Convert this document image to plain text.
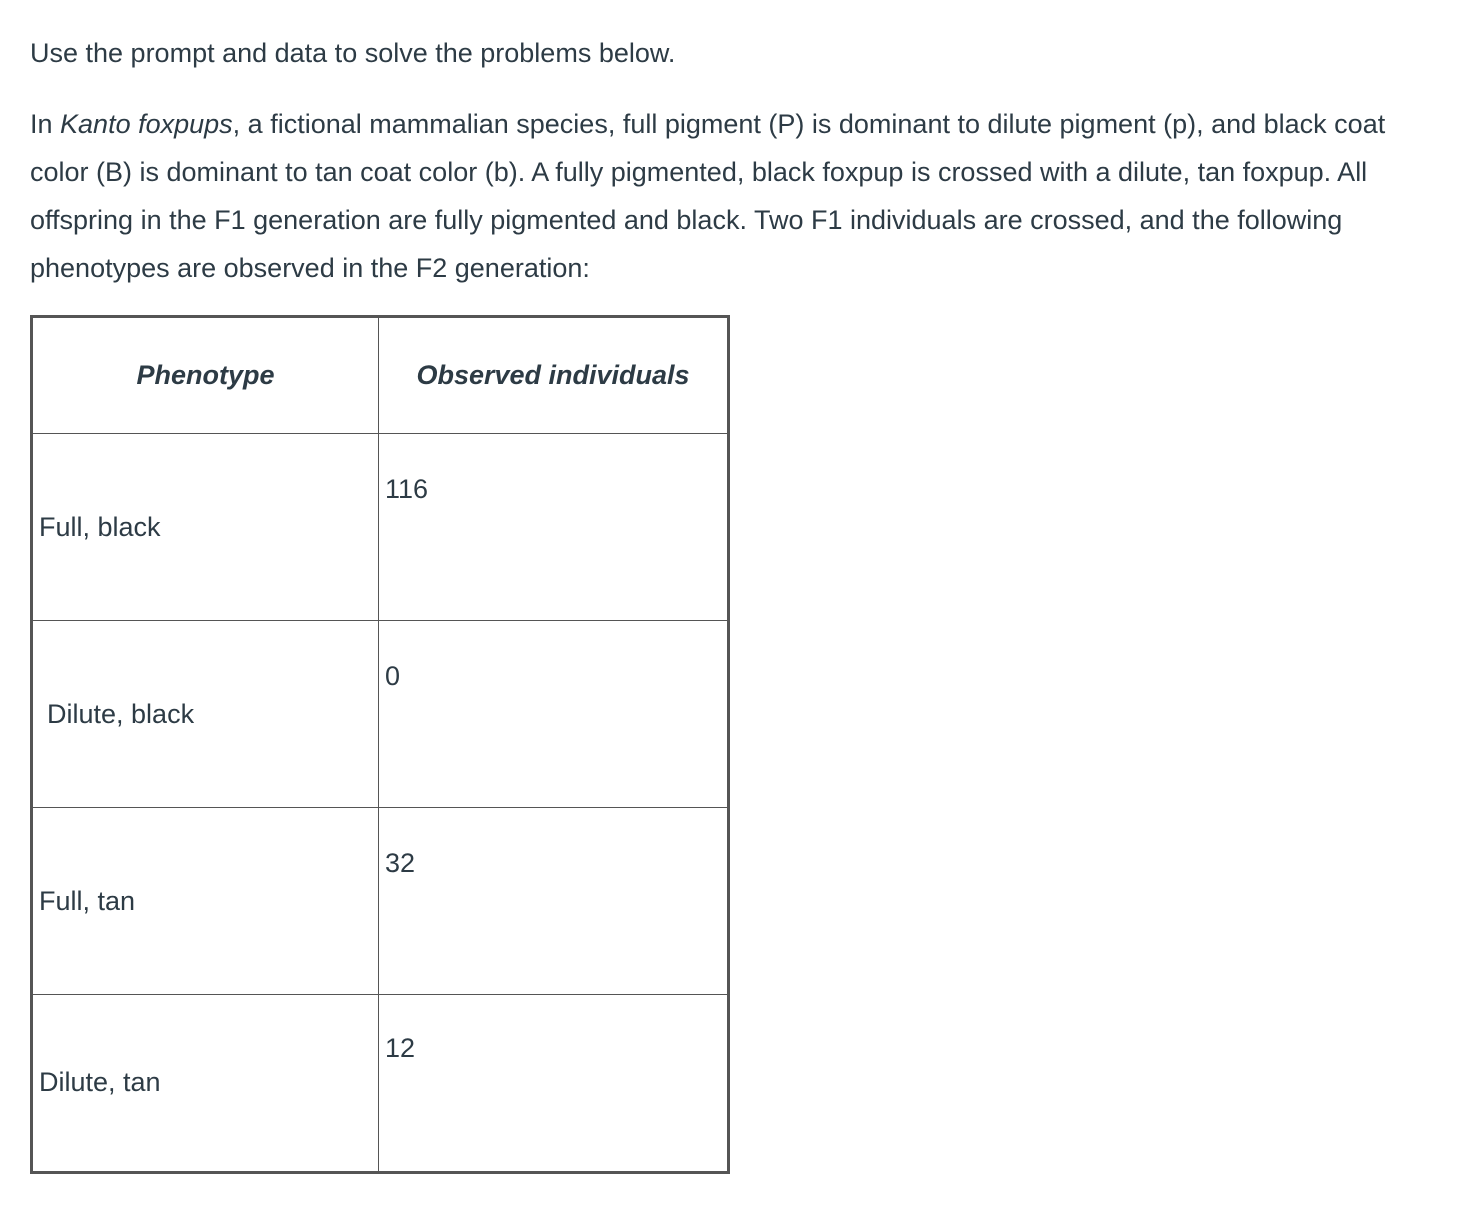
Use the prompt and data to solve the problems below.

In Kanto foxpups, a fictional mammalian species, full pigment (P) is dominant to dilute pigment (p), and black coat color (B) is dominant to tan coat color (b). A fully pigmented, black foxpup is crossed with a dilute, tan foxpup. All offspring in the F1 generation are fully pigmented and black. Two F1 individuals are crossed, and the following phenotypes are observed in the F2 generation:

Phenotype	Observed individuals

Full, black	116

Dilute, black	0

Full, tan	32

Dilute, tan	12
